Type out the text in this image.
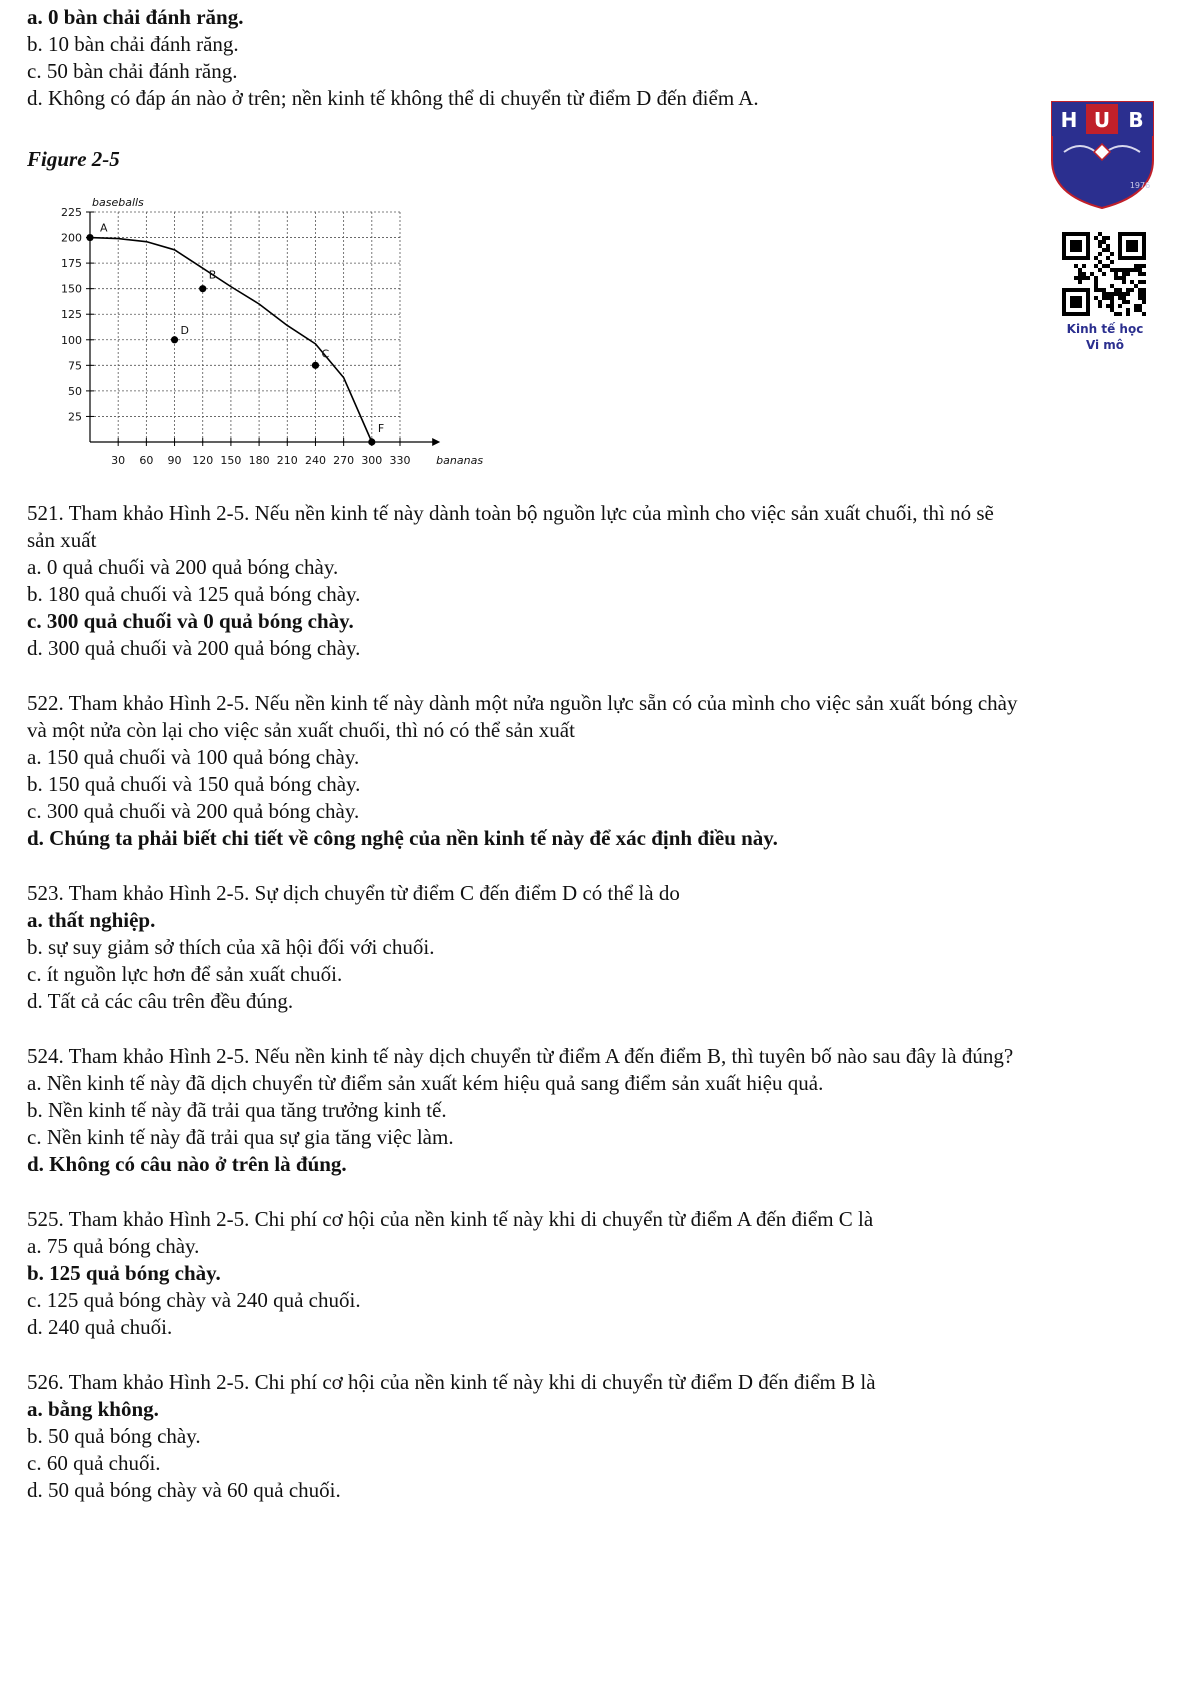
a. 0 bàn chải đánh răng.
b. 10 bàn chải đánh răng.
c. 50 bàn chải đánh răng.
d. Không có đáp án nào ở trên; nền kinh tế không thể di chuyển từ điểm D đến điểm A.
Figure 2-5
30 60 90 120 150 180 210 240 270 300 330
25
50
75
100
125
150
175
200
225
baseballs
bananas
A
B
C
D
F
H U B
1976
Kinh tế học
Vi mô
521. Tham khảo Hình 2-5. Nếu nền kinh tế này dành toàn bộ nguồn lực của mình cho việc sản xuất chuối, thì nó sẽ
sản xuất
a. 0 quả chuối và 200 quả bóng chày.
b. 180 quả chuối và 125 quả bóng chày.
c. 300 quả chuối và 0 quả bóng chày.
d. 300 quả chuối và 200 quả bóng chày.
522. Tham khảo Hình 2-5. Nếu nền kinh tế này dành một nửa nguồn lực sẵn có của mình cho việc sản xuất bóng chày
và một nửa còn lại cho việc sản xuất chuối, thì nó có thể sản xuất
a. 150 quả chuối và 100 quả bóng chày.
b. 150 quả chuối và 150 quả bóng chày.
c. 300 quả chuối và 200 quả bóng chày.
d. Chúng ta phải biết chi tiết về công nghệ của nền kinh tế này để xác định điều này.
523. Tham khảo Hình 2-5. Sự dịch chuyển từ điểm C đến điểm D có thể là do
a. thất nghiệp.
b. sự suy giảm sở thích của xã hội đối với chuối.
c. ít nguồn lực hơn để sản xuất chuối.
d. Tất cả các câu trên đều đúng.
524. Tham khảo Hình 2-5. Nếu nền kinh tế này dịch chuyển từ điểm A đến điểm B, thì tuyên bố nào sau đây là đúng?
a. Nền kinh tế này đã dịch chuyển từ điểm sản xuất kém hiệu quả sang điểm sản xuất hiệu quả.
b. Nền kinh tế này đã trải qua tăng trưởng kinh tế.
c. Nền kinh tế này đã trải qua sự gia tăng việc làm.
d. Không có câu nào ở trên là đúng.
525. Tham khảo Hình 2-5. Chi phí cơ hội của nền kinh tế này khi di chuyển từ điểm A đến điểm C là
a. 75 quả bóng chày.
b. 125 quả bóng chày.
c. 125 quả bóng chày và 240 quả chuối.
d. 240 quả chuối.
526. Tham khảo Hình 2-5. Chi phí cơ hội của nền kinh tế này khi di chuyển từ điểm D đến điểm B là
a. bằng không.
b. 50 quả bóng chày.
c. 60 quả chuối.
d. 50 quả bóng chày và 60 quả chuối.
